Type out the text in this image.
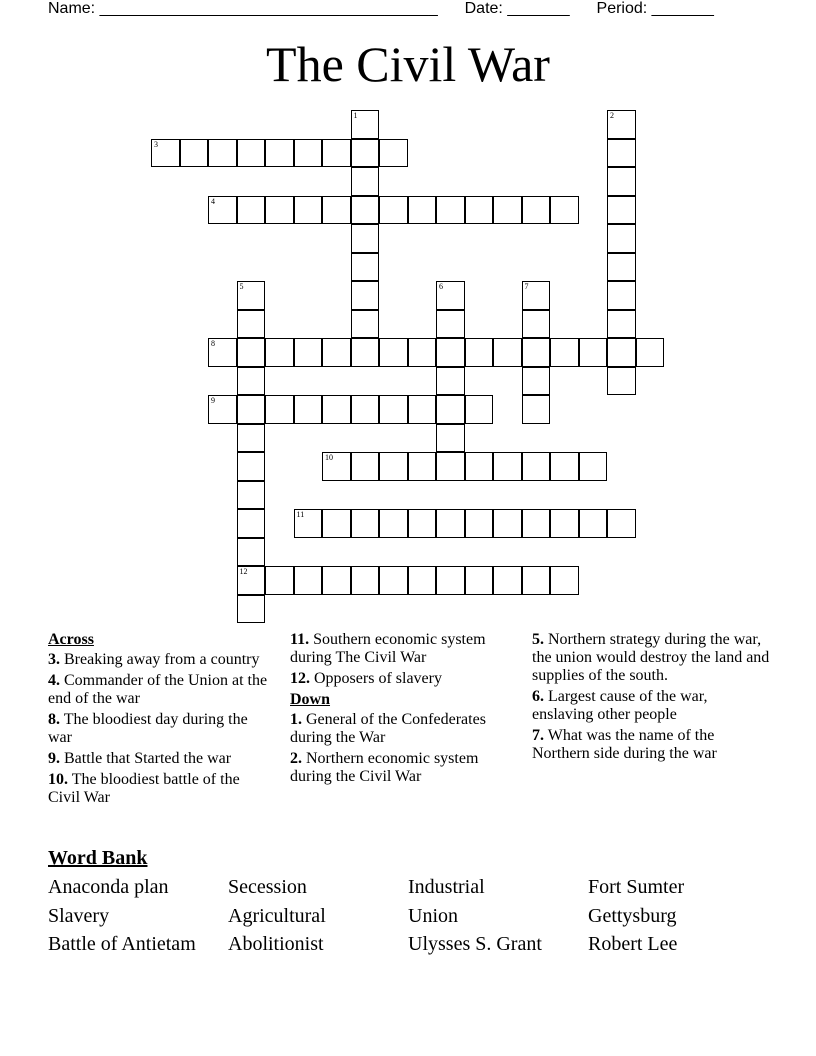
Name: ______________________________________ Date: _______ Period: _______
The Civil War
3
4
8
9
10
11
12
1	2
5	6	7
Across
3. Breaking away from a country
4. Commander of the Union at the end of the war
8. The bloodiest day during the war
9. Battle that Started the war
10. The bloodiest battle of the Civil War
11. Southern economic system during The Civil War
12. Opposers of slavery
Down
1. General of the Confederates during the War
2. Northern economic system during the Civil War
5. Northern strategy during the war, the union would destroy the land and supplies of the south.
6. Largest cause of the war, enslaving other people
7. What was the name of the Northern side during the war
Word Bank
Anaconda plan	Secession	Industrial	Fort Sumter
Slavery	Agricultural	Union	Gettysburg
Battle of Antietam	Abolitionist	Ulysses S. Grant	Robert Lee
